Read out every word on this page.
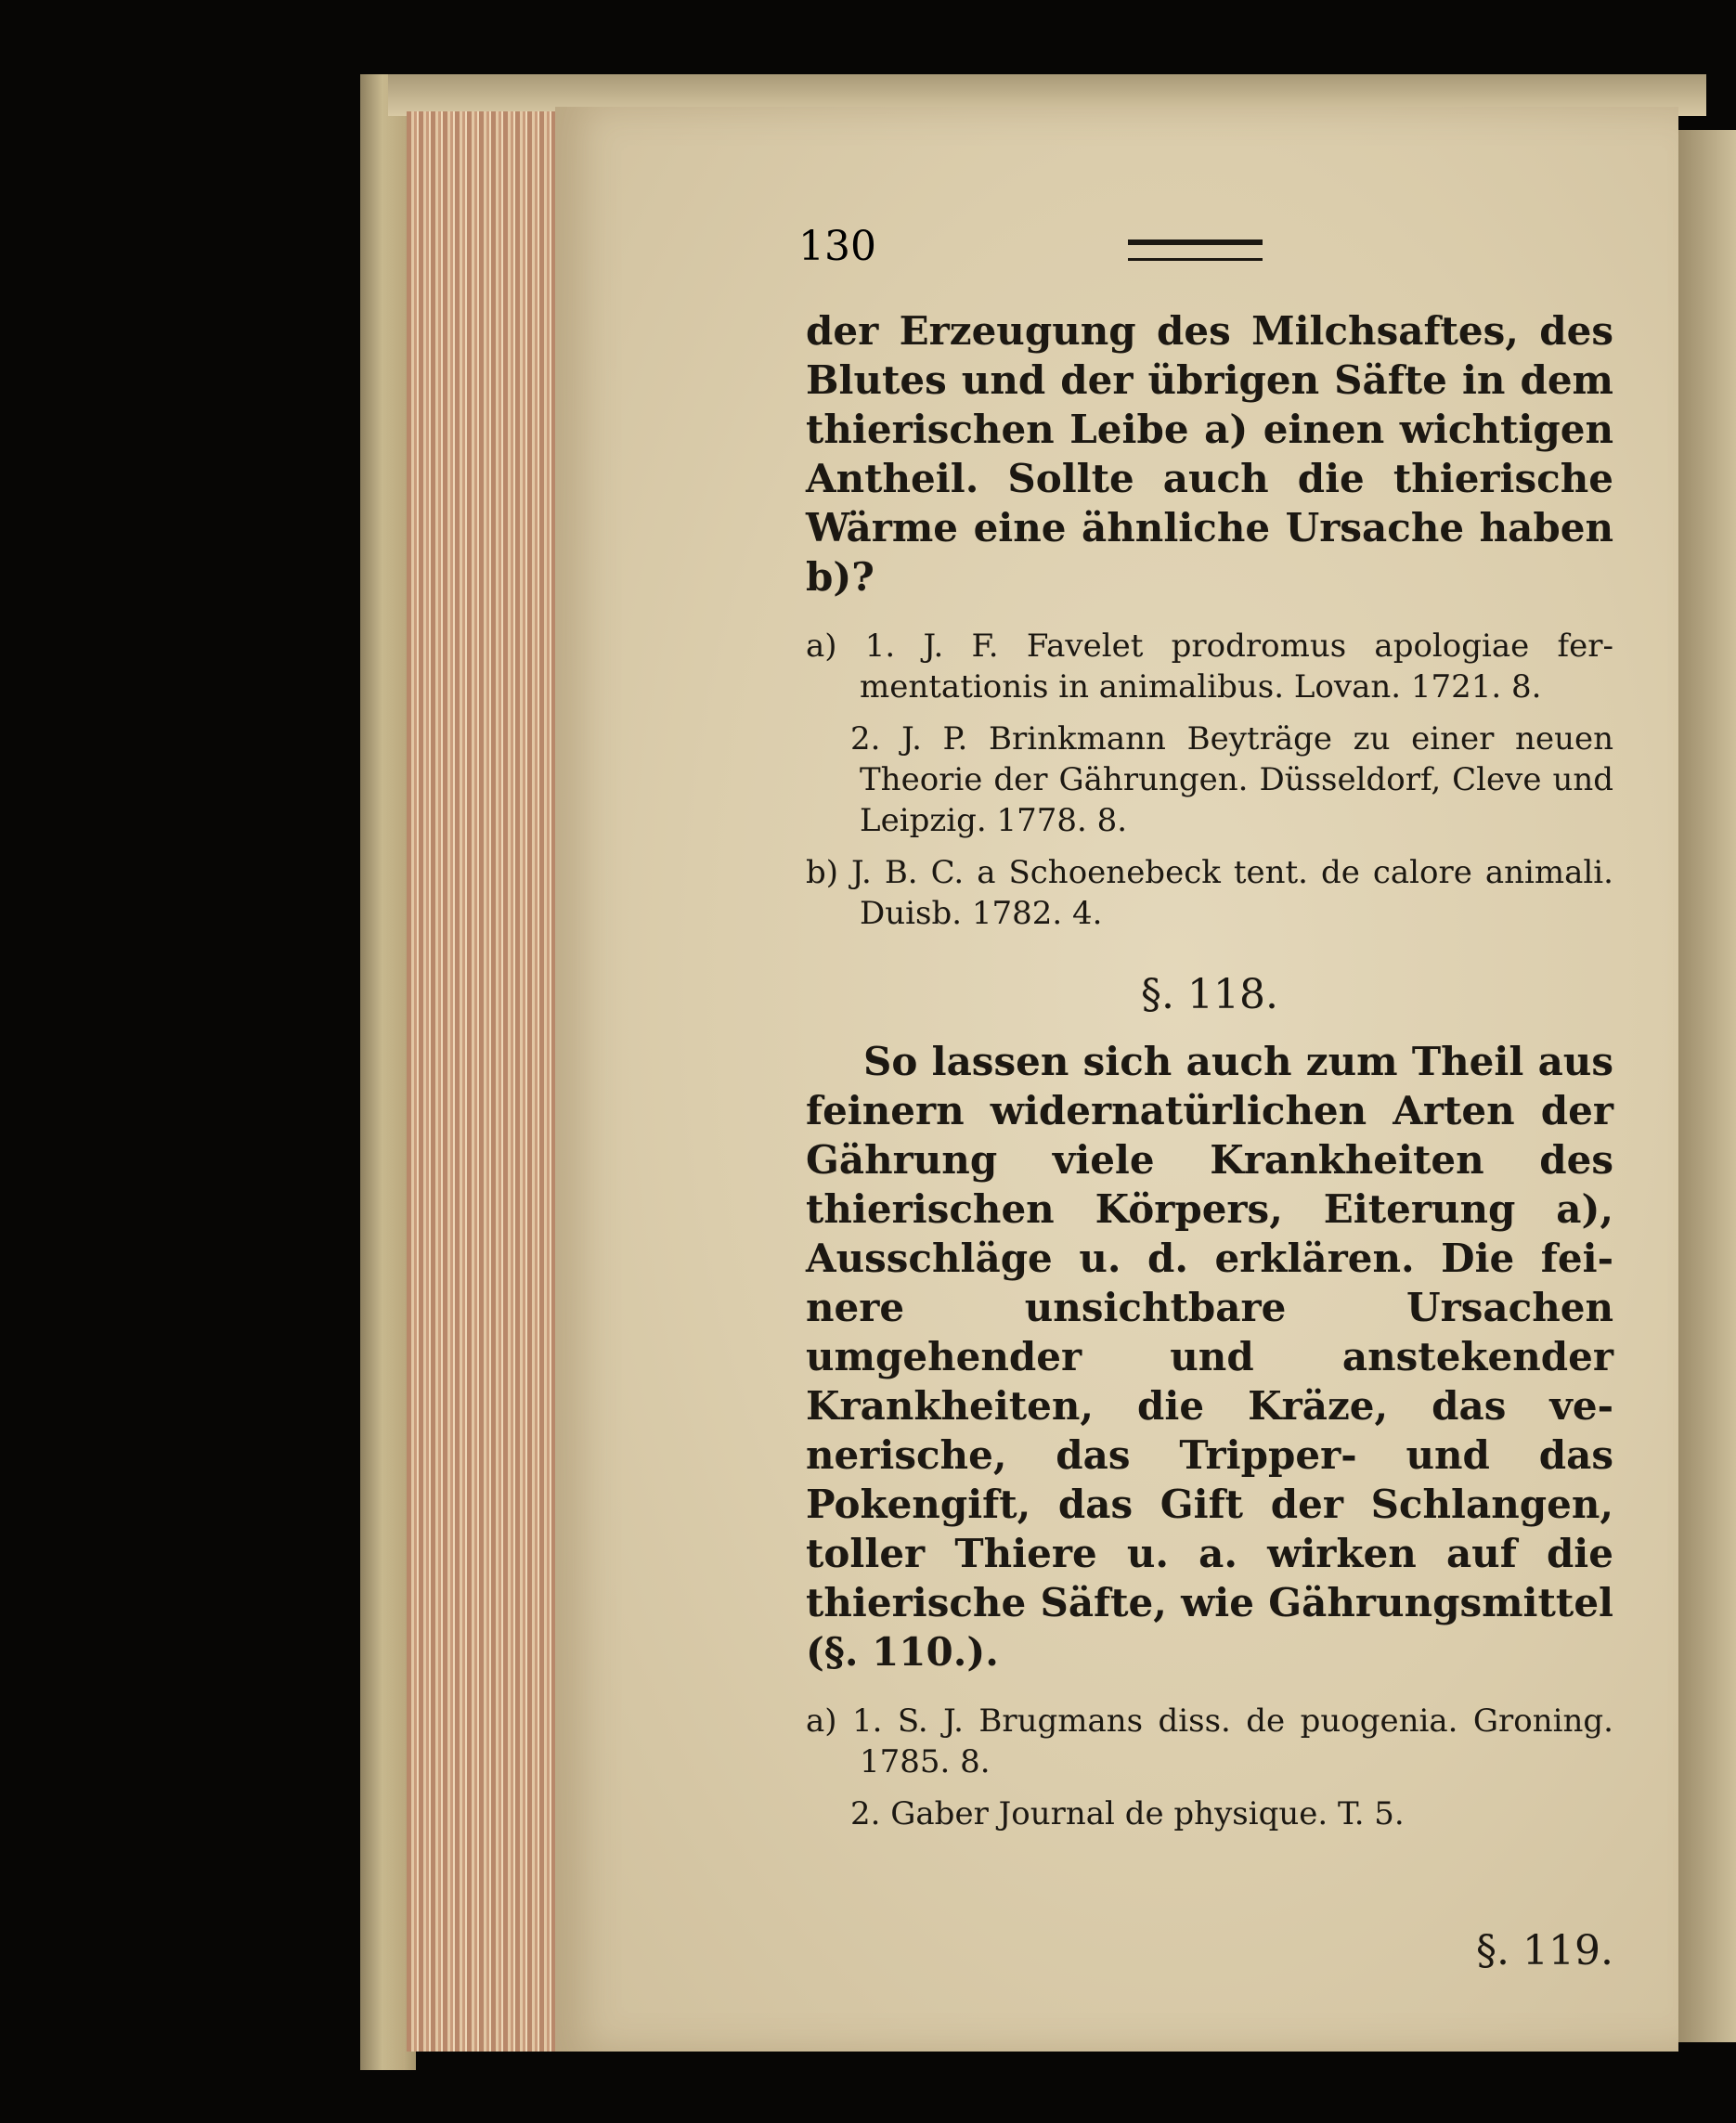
130

der Erzeugung des Milchsaftes, des Blutes und der übrigen Säfte in dem thierischen Leibe a) einen wichtigen Antheil. Sollte auch die thierische Wärme eine ähnliche Ursache haben b)?

a) 1. J. F. Favelet prodromus apologiae fermentationis in animalibus. Lovan. 1721. 8.

2. J. P. Brinkmann Beyträge zu einer neuen Theorie der Gährungen. Düsseldorf, Cleve und Leipzig. 1778. 8.

b) J. B. C. a Schoenebeck tent. de calore animali. Duisb. 1782. 4.

§. 118.

So lassen sich auch zum Theil aus feinern widernatürlichen Arten der Gährung viele Krankheiten des thierischen Körpers, Eiterung a), Ausschläge u. d. erklären. Die feinere unsichtbare Ursachen umgehender und anstekender Krankheiten, die Kräze, das venerische, das Tripper- und das Pokengift, das Gift der Schlangen, toller Thiere u. a. wirken auf die thierische Säfte, wie Gährungsmittel (§. 110.).

a) 1. S. J. Brugmans diss. de puogenia. Groning. 1785. 8.

2. Gaber Journal de physique. T. 5.

§. 119.
